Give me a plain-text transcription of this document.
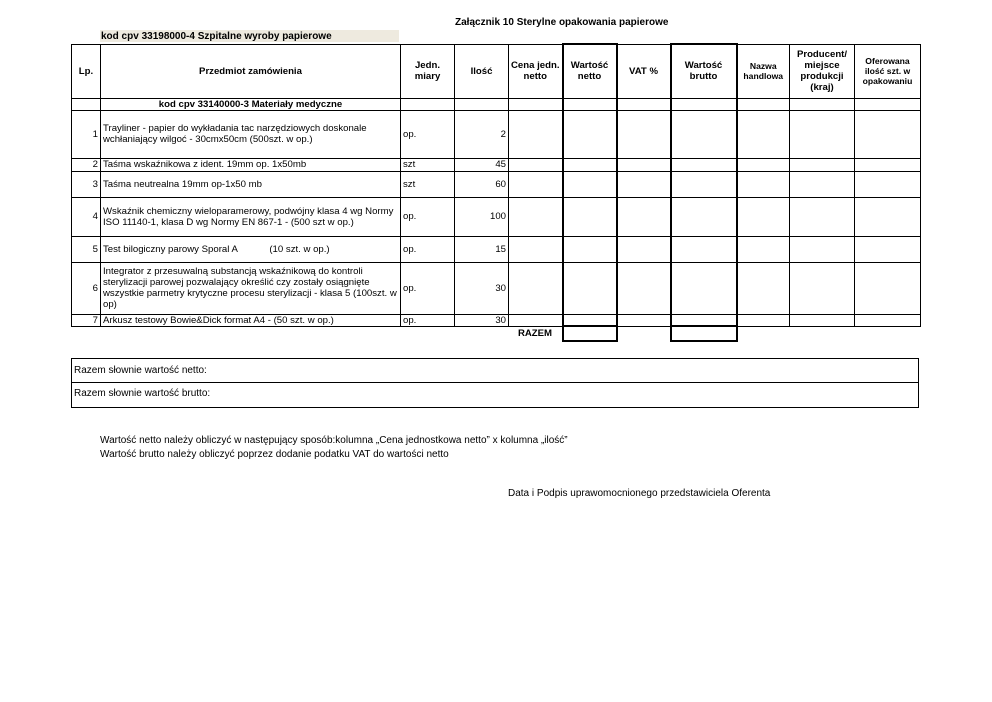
Załącznik 10 Sterylne opakowania papierowe
kod cpv 33198000-4 Szpitalne wyroby papierowe
Lp.	Przedmiot zamówienia	Jedn. miary	Ilość	Cena jedn. netto	Wartość netto	VAT %	Wartość brutto	Nazwa handlowa	Producent/ miejsce produkcji (kraj)	Oferowana ilość szt. w opakowaniu
	kod cpv 33140000-3 Materiały medyczne									
1	Trayliner - papier do wykładania tac narzędziowych doskonale wchłaniający wilgoć - 30cmx50cm (500szt. w op.)	op.	2							
2	Taśma wskaźnikowa z ident. 19mm op. 1x50mb	szt	45							
3	Taśma neutrealna 19mm op-1x50 mb	szt	60							
4	Wskaźnik chemiczny wieloparamerowy, podwójny klasa 4 wg Normy ISO 11140-1, klasa D wg Normy EN 867-1 - (500 szt w op.)	op.	100							
5	Test bilogiczny parowy Sporal A            (10 szt. w op.)	op.	15							
6	Integrator z przesuwalną substancją wskaźnikową do kontroli sterylizacji parowej pozwalający określić czy zostały osiągnięte wszystkie parmetry krytyczne procesu sterylizacji - klasa 5 (100szt. w op)	op.	30							
7	Arkusz testowy Bowie&Dick format A4 - (50 szt. w op.)	op.	30							
				RAZEM						
Razem słownie wartość netto:
Razem słownie wartość brutto:
Wartość netto należy obliczyć w następujący sposób:kolumna „Cena jednostkowa netto” x kolumna „ilość”
Wartość brutto należy obliczyć poprzez dodanie podatku VAT do wartości netto
Data i Podpis uprawomocnionego przedstawiciela Oferenta
